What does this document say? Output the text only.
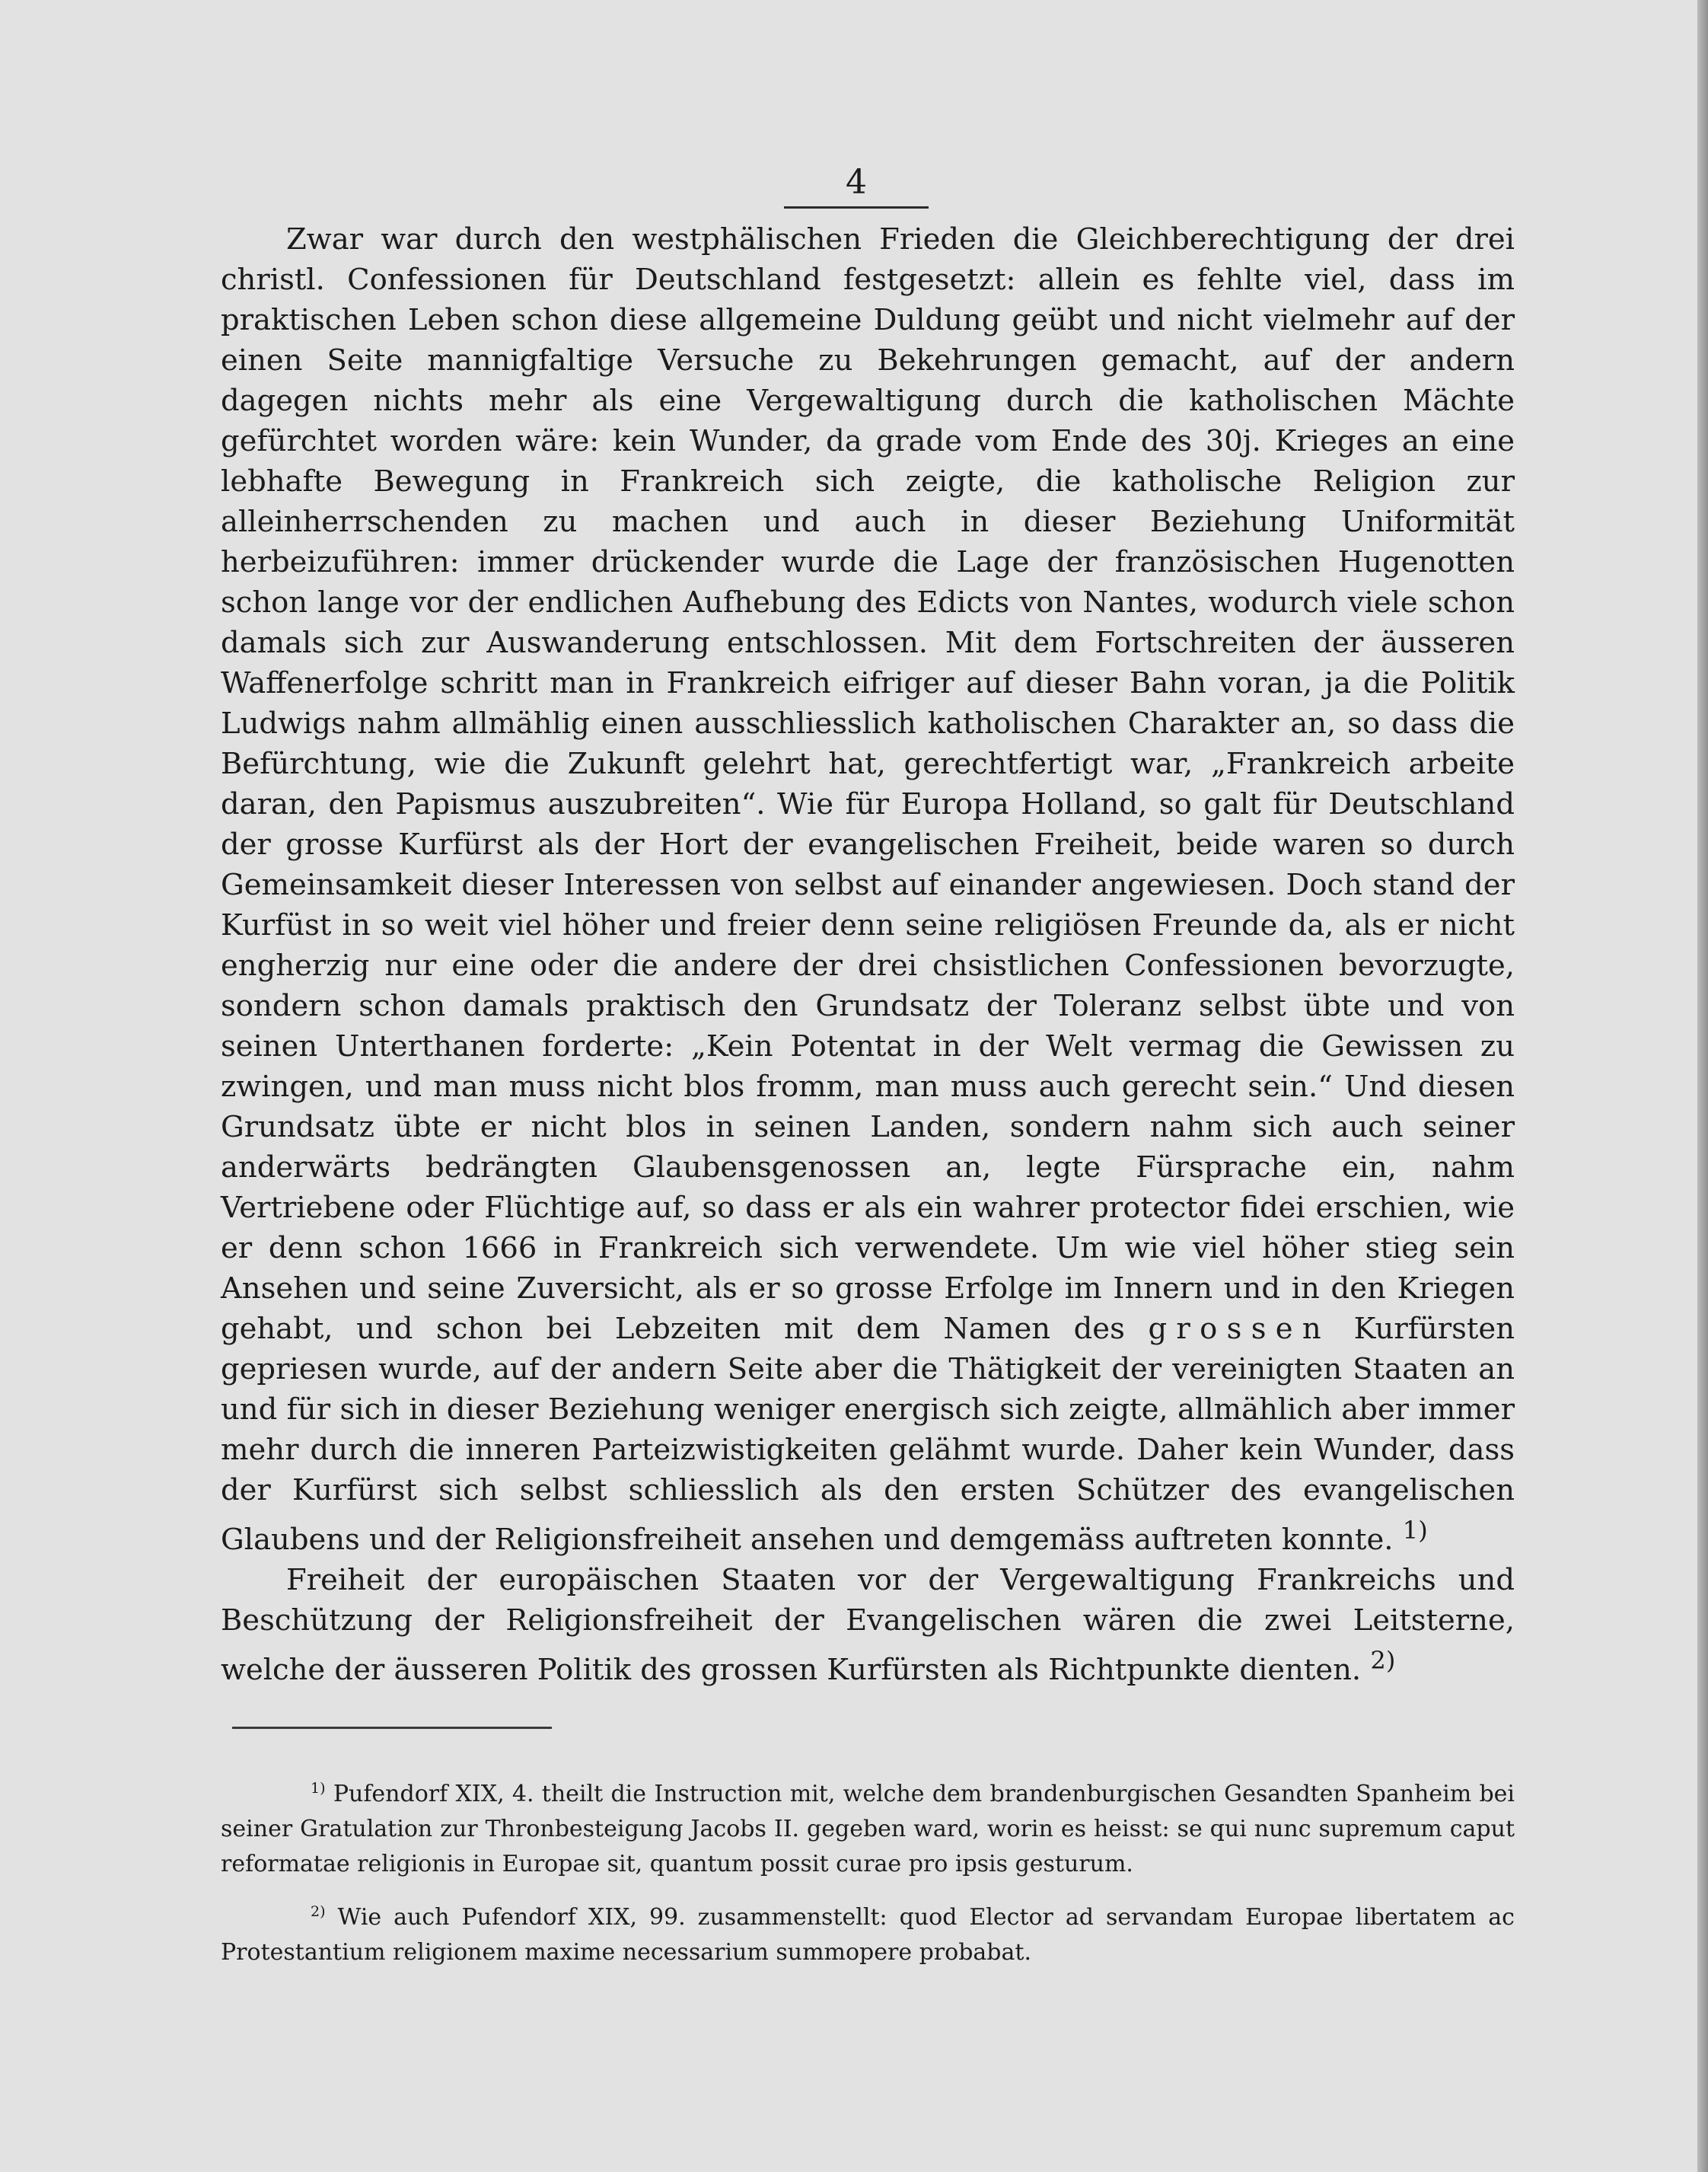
4

Zwar war durch den westphälischen Frieden die Gleichberechtigung der drei christl. Confessionen für Deutschland festgesetzt: allein es fehlte viel, dass im praktischen Leben schon diese allgemeine Duldung geübt und nicht vielmehr auf der einen Seite mannigfaltige Versuche zu Bekehrungen gemacht, auf der andern dagegen nichts mehr als eine Vergewaltigung durch die katholischen Mächte gefürchtet worden wäre: kein Wunder, da grade vom Ende des 30j. Krieges an eine lebhafte Bewegung in Frankreich sich zeigte, die katholische Religion zur alleinherrschenden zu machen und auch in dieser Beziehung Uniformität herbeizuführen: immer drückender wurde die Lage der französischen Hugenotten schon lange vor der endlichen Aufhebung des Edicts von Nantes, wodurch viele schon damals sich zur Auswanderung entschlossen. Mit dem Fortschreiten der äusseren Waffenerfolge schritt man in Frankreich eifriger auf dieser Bahn voran, ja die Politik Ludwigs nahm allmählig einen ausschliesslich katholischen Charakter an, so dass die Befürchtung, wie die Zukunft gelehrt hat, gerechtfertigt war, „Frankreich arbeite daran, den Papismus auszubreiten“. Wie für Europa Holland, so galt für Deutschland der grosse Kurfürst als der Hort der evangelischen Freiheit, beide waren so durch Gemeinsamkeit dieser Interessen von selbst auf einander angewiesen. Doch stand der Kurfüst in so weit viel höher und freier denn seine religiösen Freunde da, als er nicht engherzig nur eine oder die andere der drei chsistlichen Confessionen bevorzugte, sondern schon damals praktisch den Grundsatz der Toleranz selbst übte und von seinen Unterthanen forderte: „Kein Potentat in der Welt vermag die Gewissen zu zwingen, und man muss nicht blos fromm, man muss auch gerecht sein.“ Und diesen Grundsatz übte er nicht blos in seinen Landen, sondern nahm sich auch seiner anderwärts bedrängten Glaubensgenossen an, legte Fürsprache ein, nahm Vertriebene oder Flüchtige auf, so dass er als ein wahrer protector fidei erschien, wie er denn schon 1666 in Frankreich sich verwendete. Um wie viel höher stieg sein Ansehen und seine Zuversicht, als er so grosse Erfolge im Innern und in den Kriegen gehabt, und schon bei Lebzeiten mit dem Namen des grossen Kurfürsten gepriesen wurde, auf der andern Seite aber die Thätigkeit der vereinigten Staaten an und für sich in dieser Beziehung weniger energisch sich zeigte, allmählich aber immer mehr durch die inneren Parteizwistigkeiten gelähmt wurde. Daher kein Wunder, dass der Kurfürst sich selbst schliesslich als den ersten Schützer des evangelischen Glaubens und der Religionsfreiheit ansehen und demgemäss auftreten konnte. $^{1)}$

Freiheit der europäischen Staaten vor der Vergewaltigung Frankreichs und Beschützung der Religionsfreiheit der Evangelischen wären die zwei Leitsterne, welche der äusseren Politik des grossen Kurfürsten als Richtpunkte dienten. $^{2)}$

$^{1)}$ Pufendorf XIX, 4. theilt die Instruction mit, welche dem brandenburgischen Gesandten Spanheim bei seiner Gratulation zur Thronbesteigung Jacobs II. gegeben ward, worin es heisst: se qui nunc supremum caput reformatae religionis in Europae sit, quantum possit curae pro ipsis gesturum.

$^{2)}$ Wie auch Pufendorf XIX, 99. zusammenstellt: quod Elector ad servandam Europae libertatem ac Protestantium religionem maxime necessarium summopere probabat.
